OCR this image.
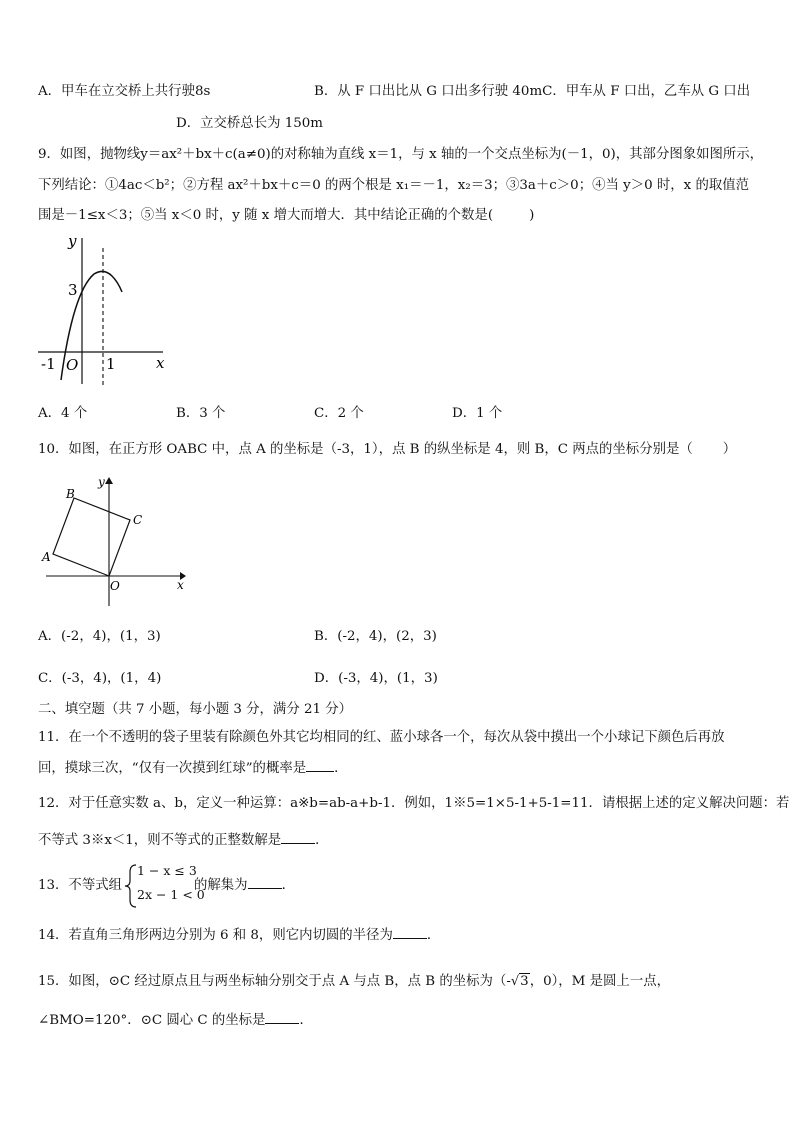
A．甲车在立交桥上共行驶8s	B．从 F 口出比从 G 口出多行驶 40mC．甲车从 F 口出，乙车从 G 口出
D．立交桥总长为 150m
9．如图，抛物线y＝ax²＋bx＋c(a≠0)的对称轴为直线 x＝1，与 x 轴的一个交点坐标为(－1，0)，其部分图象如图所示，
下列结论：①4ac＜b²；②方程 ax²＋bx＋c＝0 的两个根是 x₁＝－1，x₂＝3；③3a＋c＞0；④当 y＞0 时，x 的取值范
围是－1≤x＜3；⑤当 x＜0 时，y 随 x 增大而增大．其中结论正确的个数是(	)
y
x
3
-1 O 1
A．4 个	B．3 个	C．2 个	D．1 个
10．如图，在正方形 OABC 中，点 A 的坐标是（-3，1），点 B 的纵坐标是 4，则 B，C 两点的坐标分别是（ ）
B
C
A
O	x
y
A．(-2，4)，(1，3)	B．(-2，4)，(2，3)
C．(-3，4)，(1，4)	D．(-3，4)，(1，3)
二、填空题（共 7 小题，每小题 3 分，满分 21 分）
11．在一个不透明的袋子里装有除颜色外其它均相同的红、蓝小球各一个，每次从袋中摸出一个小球记下颜色后再放
回，摸球三次，“仅有一次摸到红球”的概率是 ．
12．对于任意实数 a、b，定义一种运算：a※b=ab-a+b-1．例如，1※5=1×5-1+5-1=11．请根据上述的定义解决问题：若
不等式 3※x＜1，则不等式的正整数解是	．
13．不等式组
1 − x ≤ 3
2x − 1 < 0
的解集为	．
14．若直角三角形两边分别为 6 和 8，则它内切圆的半径为	．
15．如图，⊙C 经过原点且与两坐标轴分别交于点 A 与点 B，点 B 的坐标为（-√3，0），M 是圆上一点，
∠BMO=120°．⊙C 圆心 C 的坐标是	．
